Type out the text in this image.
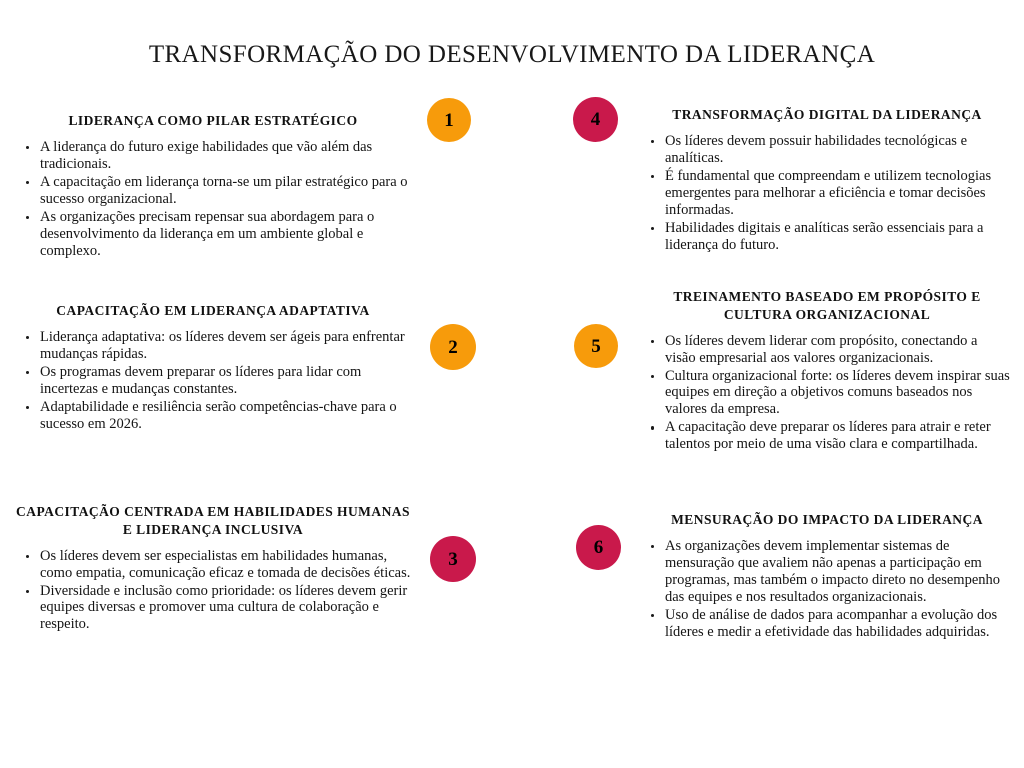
TRANSFORMAÇÃO DO DESENVOLVIMENTO DA LIDERANÇA
LIDERANÇA COMO PILAR ESTRATÉGICO
A liderança do futuro exige habilidades que vão além das tradicionais.
A capacitação em liderança torna-se um pilar estratégico para o sucesso organizacional.
As organizações precisam repensar sua abordagem para o desenvolvimento da liderança em um ambiente global e complexo.
1
CAPACITAÇÃO EM LIDERANÇA ADAPTATIVA
Liderança adaptativa: os líderes devem ser ágeis para enfrentar mudanças rápidas.
Os programas devem preparar os líderes para lidar com incertezas e mudanças constantes.
Adaptabilidade e resiliência serão competências-chave para o sucesso em 2026.
2
CAPACITAÇÃO CENTRADA EM HABILIDADES HUMANAS E LIDERANÇA INCLUSIVA
Os líderes devem ser especialistas em habilidades humanas, como empatia, comunicação eficaz e tomada de decisões éticas.
Diversidade e inclusão como prioridade: os líderes devem gerir equipes diversas e promover uma cultura de colaboração e respeito.
3
TRANSFORMAÇÃO DIGITAL DA LIDERANÇA
Os líderes devem possuir habilidades tecnológicas e analíticas.
É fundamental que compreendam e utilizem tecnologias emergentes para melhorar a eficiência e tomar decisões informadas.
Habilidades digitais e analíticas serão essenciais para a liderança do futuro.
4
TREINAMENTO BASEADO EM PROPÓSITO E CULTURA ORGANIZACIONAL
Os líderes devem liderar com propósito, conectando a visão empresarial aos valores organizacionais.
Cultura organizacional forte: os líderes devem inspirar suas equipes em direção a objetivos comuns baseados nos valores da empresa.
A capacitação deve preparar os líderes para atrair e reter talentos por meio de uma visão clara e compartilhada.
5
MENSURAÇÃO DO IMPACTO DA LIDERANÇA
As organizações devem implementar sistemas de mensuração que avaliem não apenas a participação em programas, mas também o impacto direto no desempenho das equipes e nos resultados organizacionais.
Uso de análise de dados para acompanhar a evolução dos líderes e medir a efetividade das habilidades adquiridas.
6
